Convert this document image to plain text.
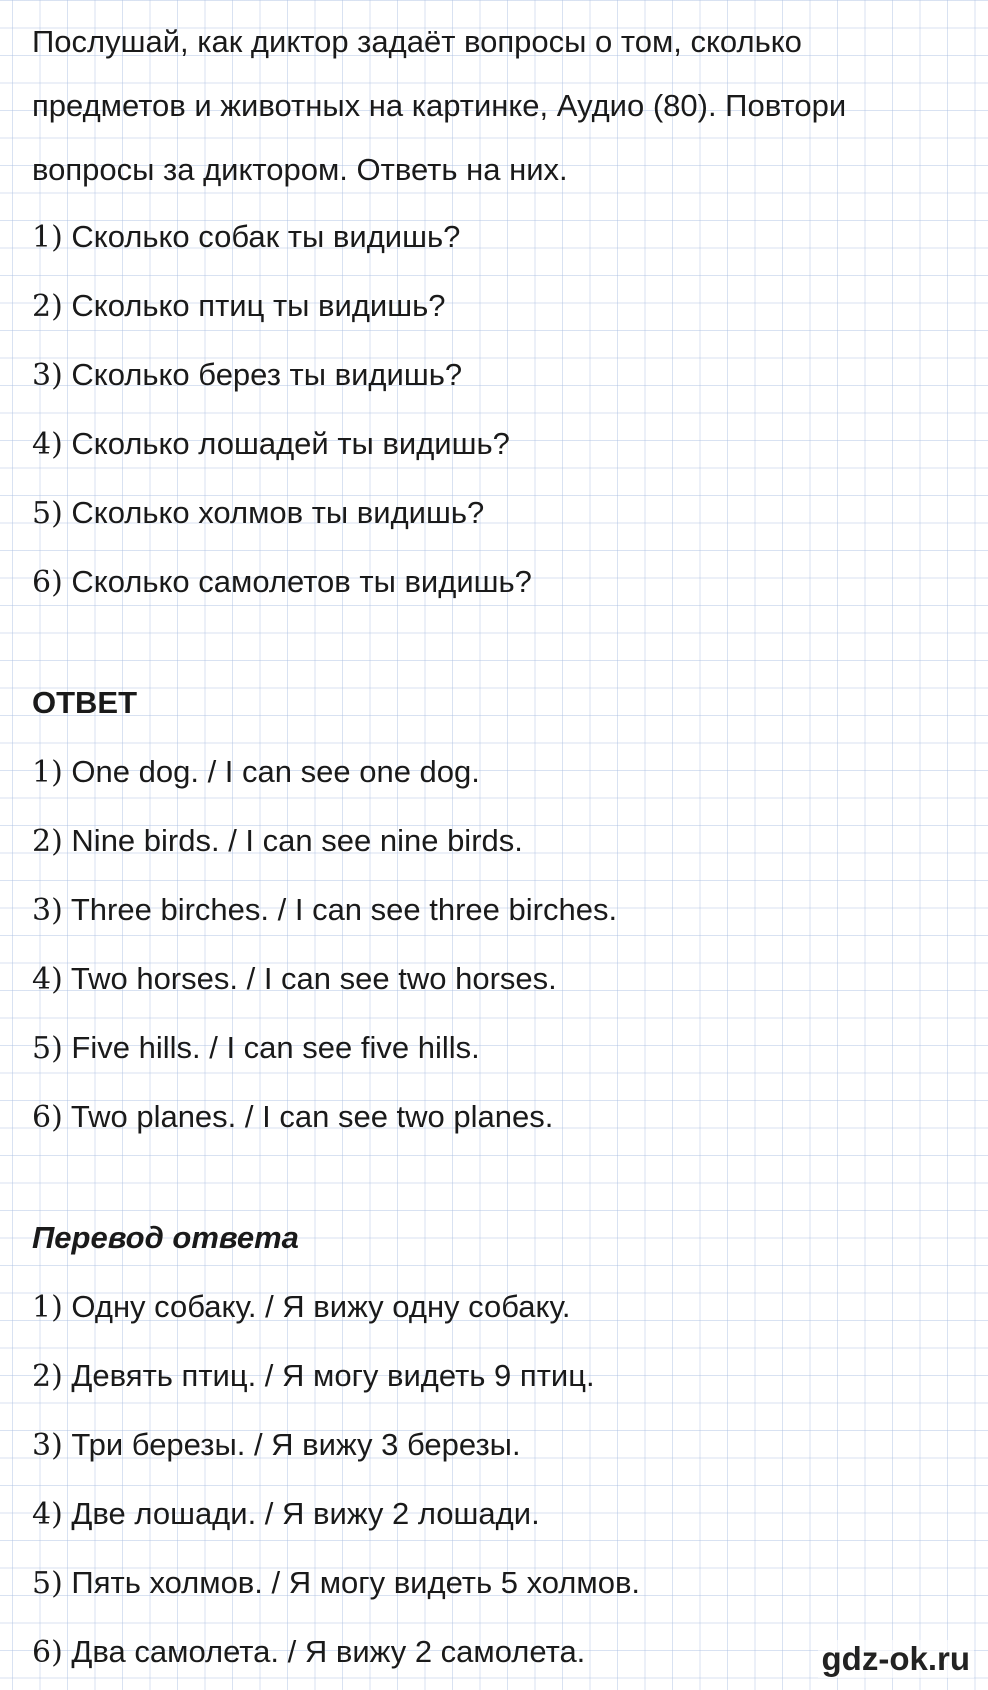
Послушай, как диктор задаёт вопросы о том, сколько предметов и животных на картинке, Аудио (80). Повтори вопросы за диктором. Ответь на них.

1) Сколько собак ты видишь?
2) Сколько птиц ты видишь?
3) Сколько берез ты видишь?
4) Сколько лошадей ты видишь?
5) Сколько холмов ты видишь?
6) Сколько самолетов ты видишь?
ОТВЕТ
1) One dog. / I can see one dog.
2) Nine birds. / I can see nine birds.
3) Three birches. / I can see three birches.
4) Two horses. / I can see two horses.
5) Five hills. / I can see five hills.
6) Two planes. / I can see two planes.
Перевод ответа
1) Одну собаку. / Я вижу одну собаку.
2) Девять птиц. / Я могу видеть 9 птиц.
3) Три березы. / Я вижу 3 березы.
4) Две лошади. / Я вижу 2 лошади.
5) Пять холмов. / Я могу видеть 5 холмов.
6) Два самолета. / Я вижу 2 самолета.	gdz-ok.ru
